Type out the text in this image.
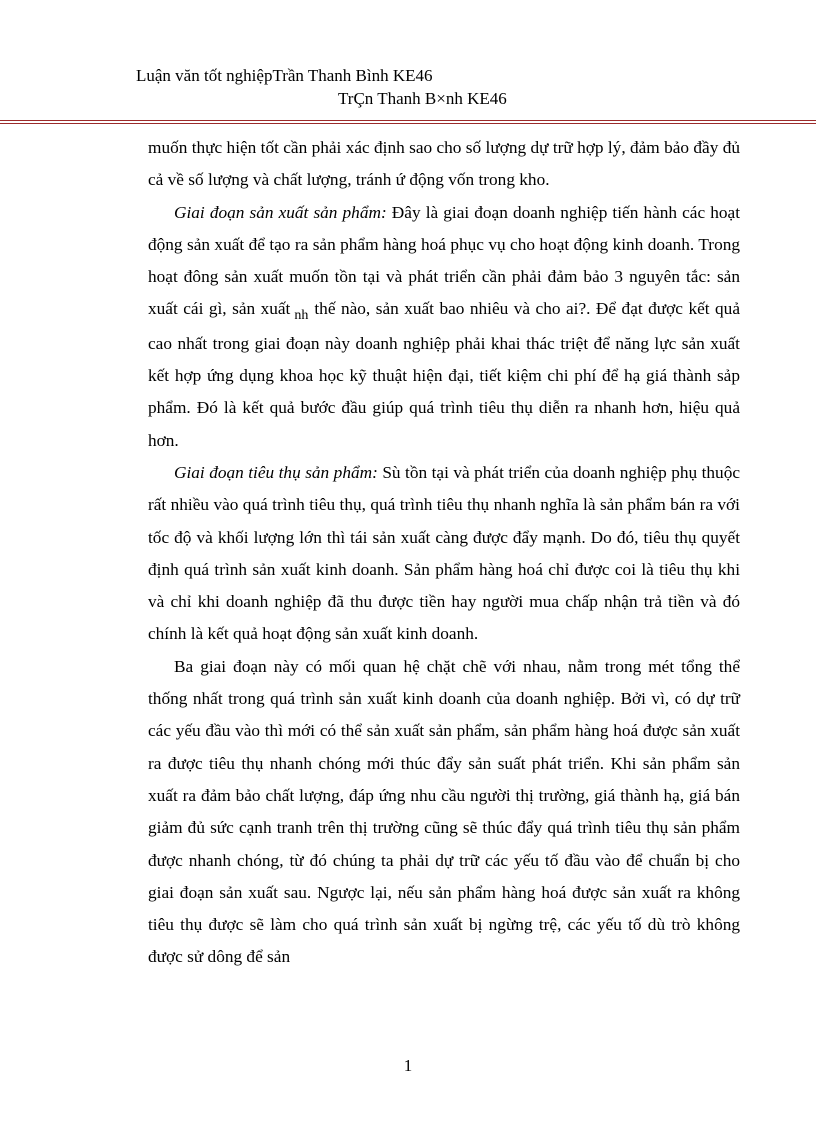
Luận văn tốt nghiệpTrần Thanh Bình KE46
TrÇn Thanh B×nh KE46

muốn thực hiện tốt cần phải xác định sao cho số lượng dự trữ hợp lý, đảm bảo đầy đủ cả về số lượng và chất lượng, tránh ứ động vốn trong kho.

Giai đoạn sản xuất sản phẩm: Đây là giai đoạn doanh nghiệp tiến hành các hoạt động sản xuất để tạo ra sản phẩm hàng hoá phục vụ cho hoạt động kinh doanh. Trong hoạt đông sản xuất muốn tồn tại và phát triển cần phải đảm bảo 3 nguyên tắc: sản xuất cái gì, sản xuất $_{nh}$ thế nào, sản xuất bao nhiêu và cho ai?. Để đạt được kết quả cao nhất trong giai đoạn này doanh nghiệp phải khai thác triệt để năng lực sản xuất kết hợp ứng dụng khoa học kỹ thuật hiện đại, tiết kiệm chi phí để hạ giá thành sảp phẩm. Đó là kết quả bước đầu giúp quá trình tiêu thụ diễn ra nhanh hơn, hiệu quả hơn.

Giai đoạn tiêu thụ sản phẩm: Sù tồn tại và phát triển của doanh nghiệp phụ thuộc rất nhiều vào quá trình tiêu thụ, quá trình tiêu thụ nhanh nghĩa là sản phẩm bán ra với tốc độ và khối lượng lớn thì tái sản xuất càng được đẩy mạnh. Do đó, tiêu thụ quyết định quá trình sản xuất kinh doanh. Sản phẩm hàng hoá chỉ được coi là tiêu thụ khi và chỉ khi doanh nghiệp đã thu được tiền hay người mua chấp nhận trả tiền và đó chính là kết quả hoạt động sản xuất kinh doanh.

Ba giai đoạn này có mối quan hệ chặt chẽ với nhau, nằm trong mét tổng thể thống nhất trong quá trình sản xuất kinh doanh của doanh nghiệp. Bởi vì, có dự trữ các yếu đầu vào thì mới có thể sản xuất sản phẩm, sản phẩm hàng hoá được sản xuất ra được tiêu thụ nhanh chóng mới thúc đẩy sản suất phát triển. Khi sản phẩm sản xuất ra đảm bảo chất lượng, đáp ứng nhu cầu người thị trường, giá thành hạ, giá bán giảm đủ sức cạnh tranh trên thị trường cũng sẽ thúc đẩy quá trình tiêu thụ sản phẩm được nhanh chóng, từ đó chúng ta phải dự trữ các yếu tố đầu vào để chuẩn bị cho giai đoạn sản xuất sau. Ngược lại, nếu sản phẩm hàng hoá được sản xuất ra không tiêu thụ được sẽ làm cho quá trình sản xuất bị ngừng trệ, các yếu tố dù trò không được sử dông để sản

1
